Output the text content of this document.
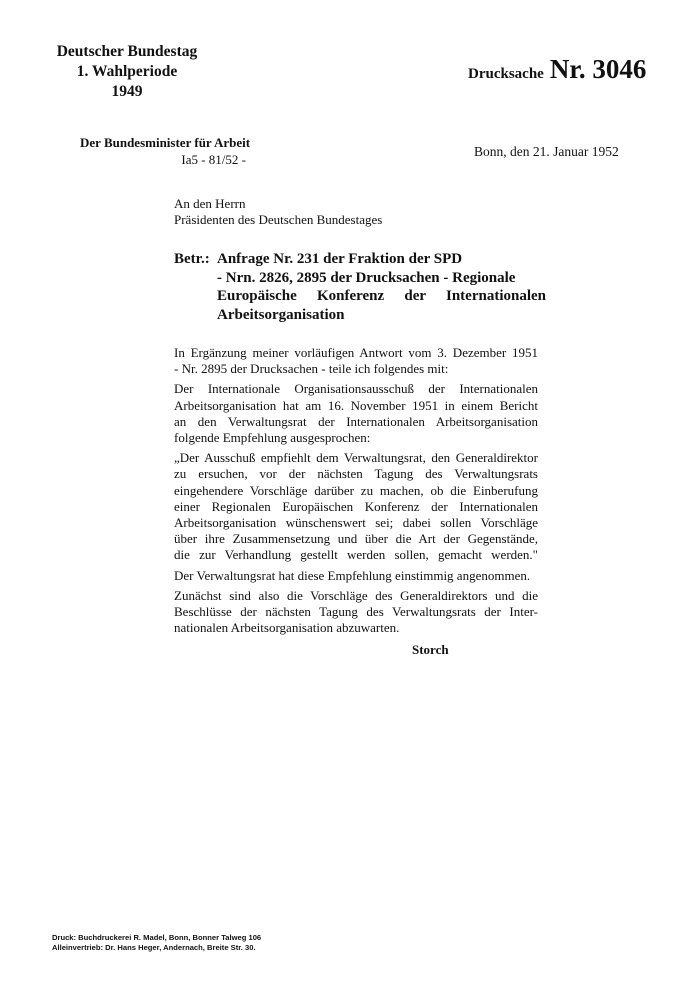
Deutscher Bundestag
1. Wahlperiode
1949
Drucksache Nr. 3046
Der Bundesminister für Arbeit
Ia5 - 81/52 -
Bonn, den 21. Januar 1952
An den Herrn
Präsidenten des Deutschen Bundestages
Betr.: Anfrage Nr. 231 der Fraktion der SPD
- Nrn. 2826, 2895 der Drucksachen - Regionale
Europäische Konferenz der Internationalen
Arbeitsorganisation

In Ergänzung meiner vorläufigen Antwort vom 3. Dezember 1951
- Nr. 2895 der Drucksachen - teile ich folgendes mit:

Der Internationale Organisationsausschuß der Internationalen
Arbeitsorganisation hat am 16. November 1951 in einem Bericht
an den Verwaltungsrat der Internationalen Arbeitsorganisation
folgende Empfehlung ausgesprochen:

„Der Ausschuß empfiehlt dem Verwaltungsrat, den Generaldirektor
zu ersuchen, vor der nächsten Tagung des Verwaltungsrats
eingehendere Vorschläge darüber zu machen, ob die Einberufung
einer Regionalen Europäischen Konferenz der Internationalen
Arbeitsorganisation wünschenswert sei; dabei sollen Vorschläge
über ihre Zusammensetzung und über die Art der Gegenstände,
die zur Verhandlung gestellt werden sollen, gemacht werden."

Der Verwaltungsrat hat diese Empfehlung einstimmig angenommen.

Zunächst sind also die Vorschläge des Generaldirektors und die
Beschlüsse der nächsten Tagung des Verwaltungsrats der Inter-
nationalen Arbeitsorganisation abzuwarten.

Storch
Druck: Buchdruckerei R. Madel, Bonn, Bonner Talweg 106
Alleinvertrieb: Dr. Hans Heger, Andernach, Breite Str. 30.
